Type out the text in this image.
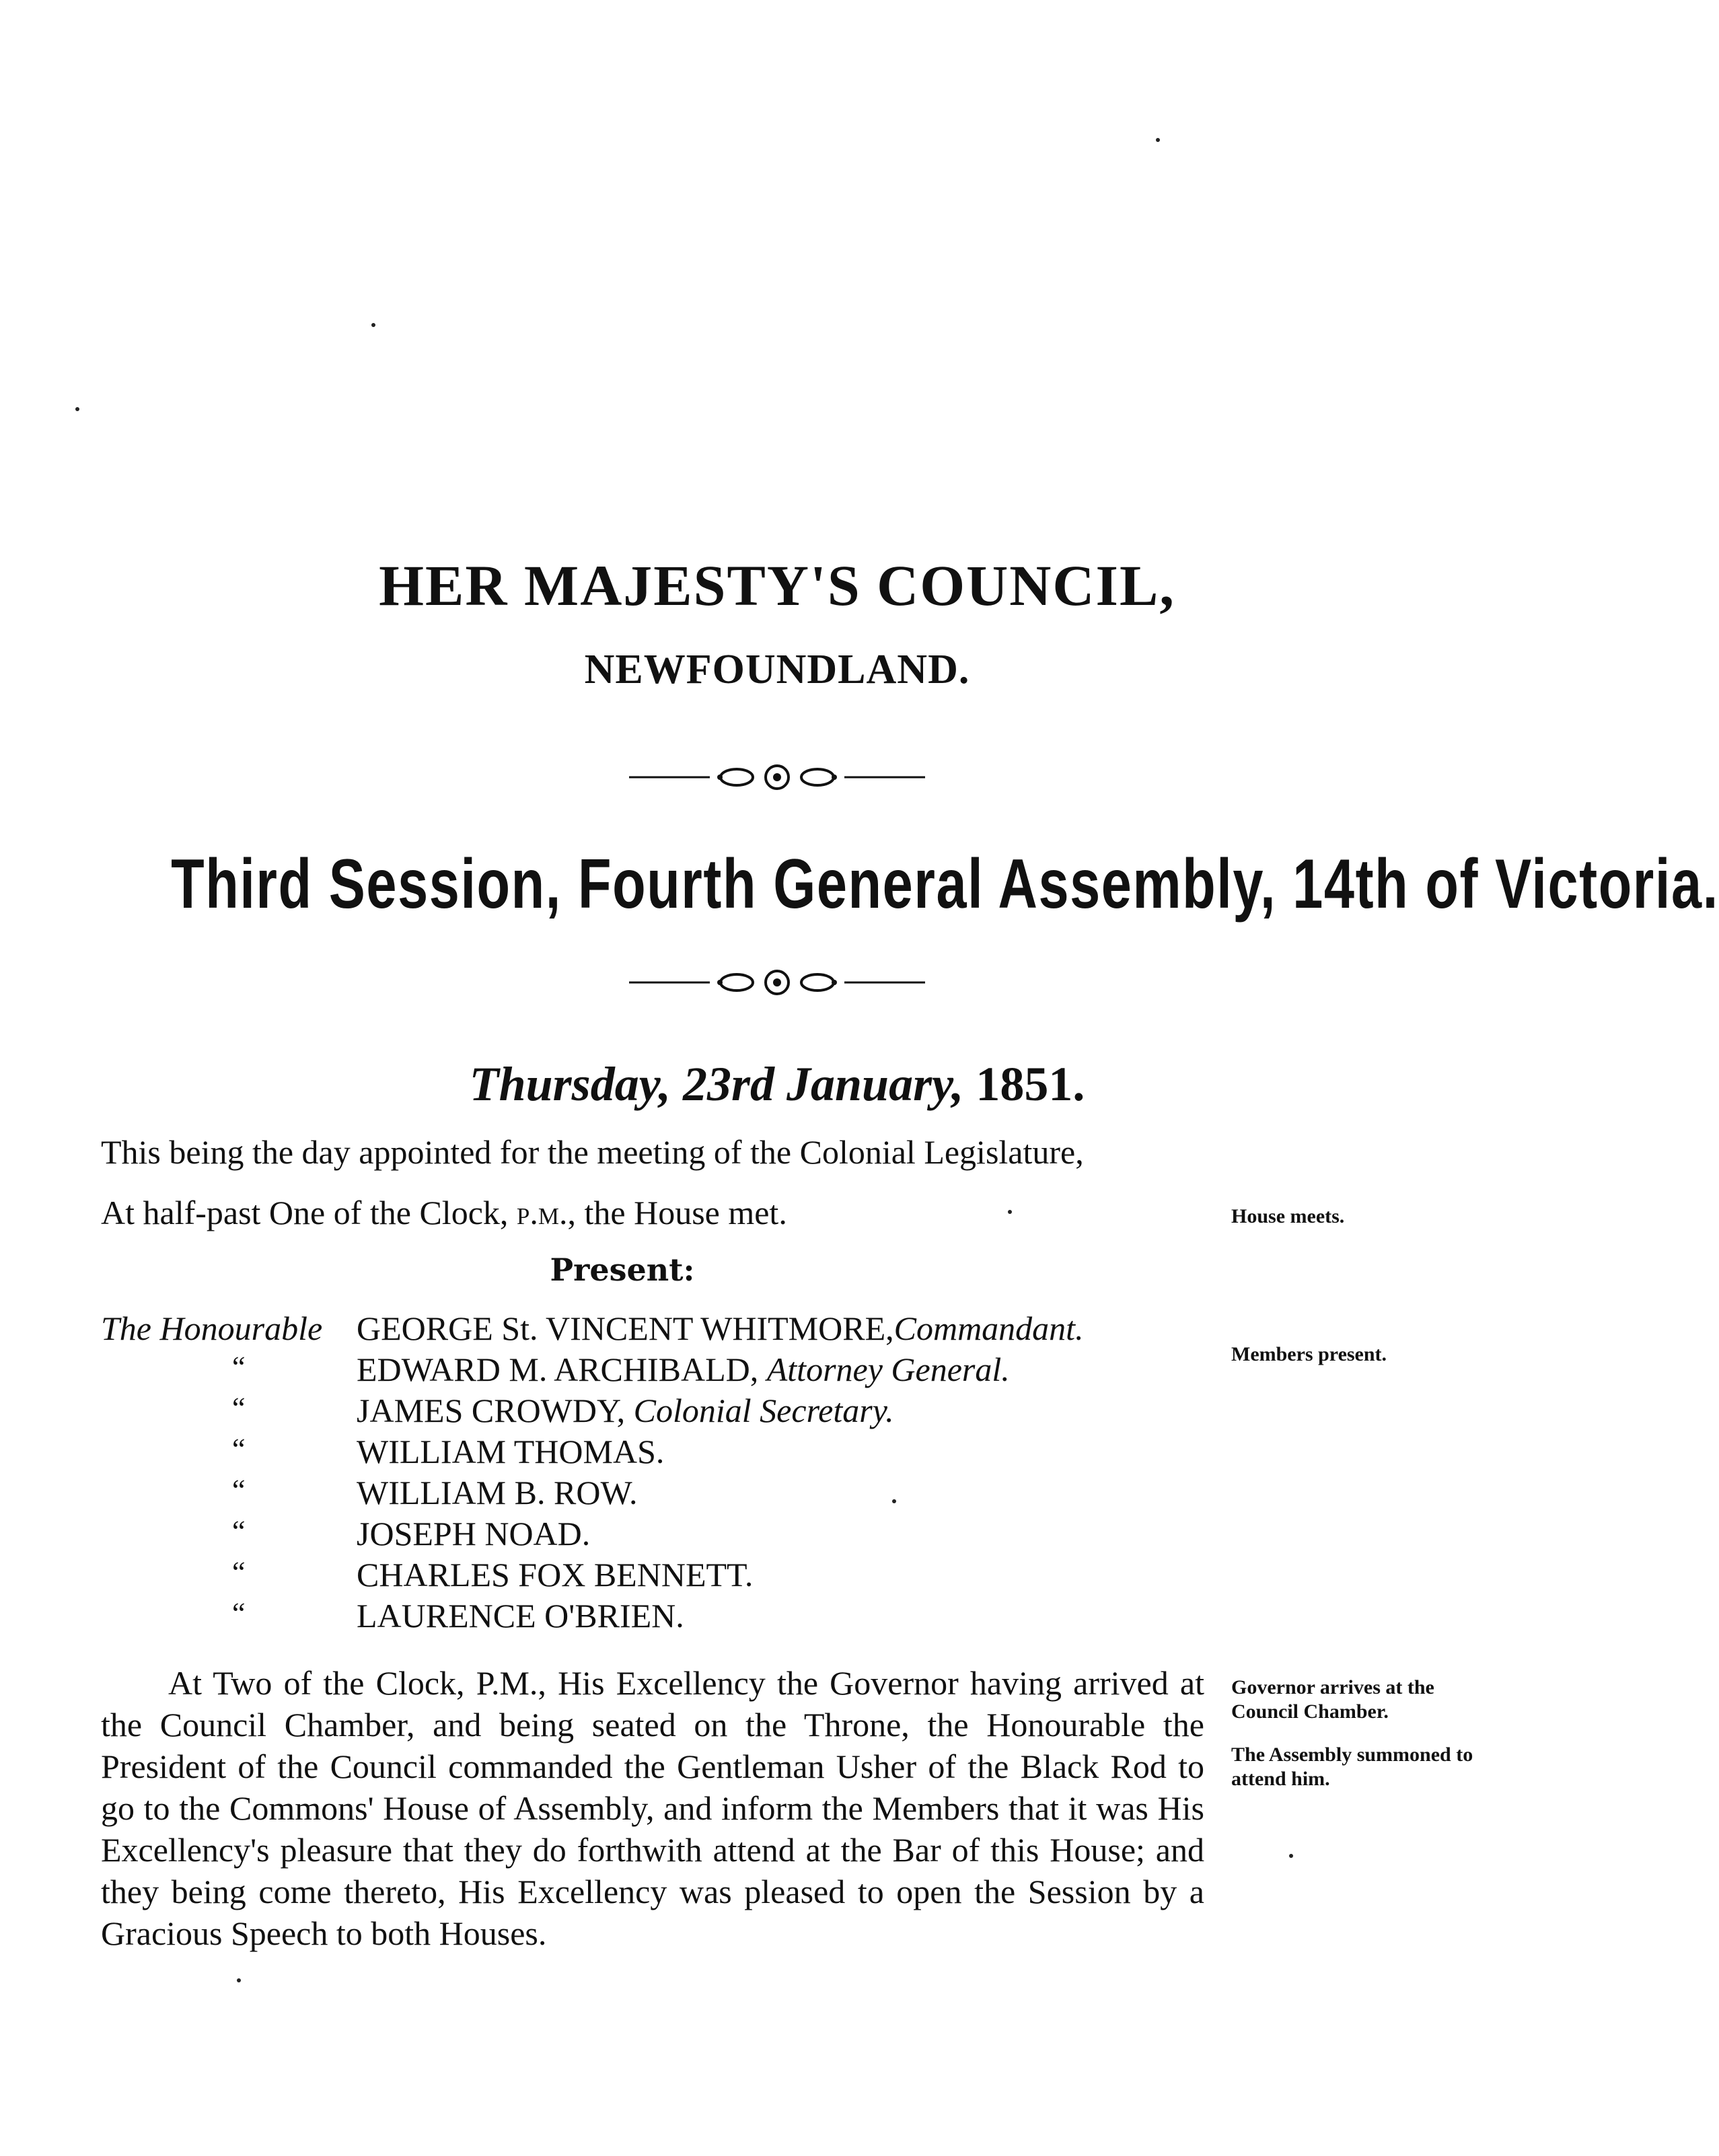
HER MAJESTY'S COUNCIL,
NEWFOUNDLAND.
Third Session, Fourth General Assembly, 14th of Victoria.
Thursday, 23rd January, 1851.
This being the day appointed for the meeting of the Colonial Legislature,
At half-past One of the Clock, p.m., the House met.	House meets.
Present:
Members present.
The Honourable GEORGE St. VINCENT WHITMORE,Commandant.
“	EDWARD M. ARCHIBALD, Attorney General.
“	JAMES CROWDY, Colonial Secretary.
“	WILLIAM THOMAS.
“	WILLIAM B. ROW.
“	JOSEPH NOAD.
“	CHARLES FOX BENNETT.
“	LAURENCE O'BRIEN.
At Two of the Clock, P.M., His Excellency the Governor having arrived at the Council Chamber, and being seated on the Throne, the Honourable the President of the Council commanded the Gentleman Usher of the Black Rod to go to the Commons' House of Assembly, and inform the Members that it was His Excellency's pleasure that they do forthwith attend at the Bar of this House; and they being come thereto, His Excellency was pleased to open the Session by a Gracious Speech to both Houses.
Governor arrives at the Council Chamber.
The Assembly summoned to attend him.
